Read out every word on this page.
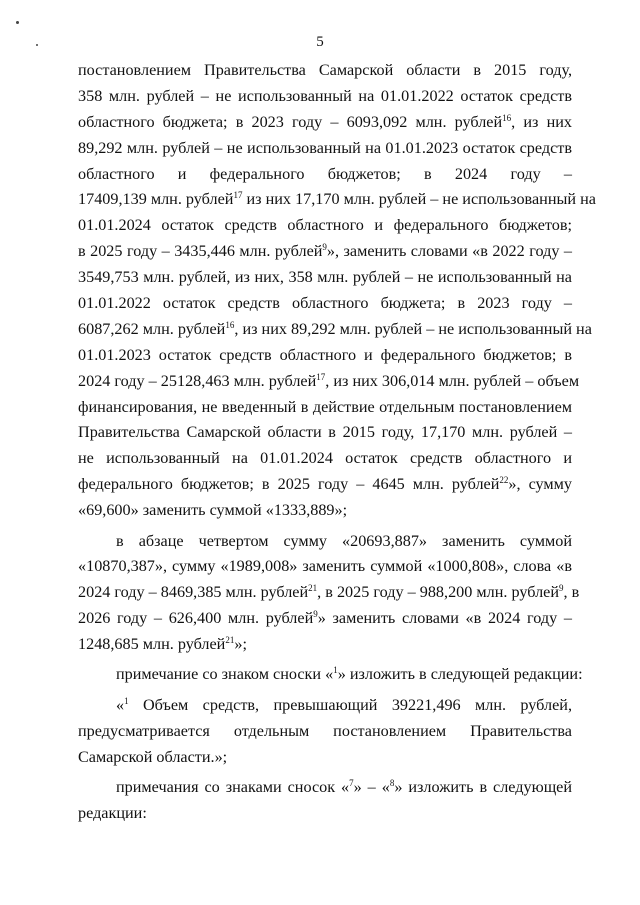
5
постановлением Правительства Самарской области в 2015 году,
358 млн. рублей – не использованный на 01.01.2022 остаток средств
областного бюджета; в 2023 году – 6093,092 млн. рублей$^{16}$, из них
89,292 млн. рублей – не использованный на 01.01.2023 остаток средств
областного и федерального бюджетов; в 2024 году –
17409,139 млн. рублей$^{17}$ из них 17,170 млн. рублей – не использованный на
01.01.2024 остаток средств областного и федерального бюджетов;
в 2025 году – 3435,446 млн. рублей$^9$», заменить словами «в 2022 году –
3549,753 млн. рублей, из них, 358 млн. рублей – не использованный на
01.01.2022 остаток средств областного бюджета; в 2023 году –
6087,262 млн. рублей$^{16}$, из них 89,292 млн. рублей – не использованный на
01.01.2023 остаток средств областного и федерального бюджетов; в
2024 году – 25128,463 млн. рублей$^{17}$, из них 306,014 млн. рублей – объем
финансирования, не введенный в действие отдельным постановлением
Правительства Самарской области в 2015 году, 17,170 млн. рублей –
не использованный на 01.01.2024 остаток средств областного и
федерального бюджетов; в 2025 году – 4645 млн. рублей$^{22}$», сумму
«69,600» заменить суммой «1333,889»;
в абзаце четвертом сумму «20693,887» заменить суммой
«10870,387», сумму «1989,008» заменить суммой «1000,808», слова «в
2024 году – 8469,385 млн. рублей$^{21}$, в 2025 году – 988,200 млн. рублей$^9$, в
2026 году – 626,400 млн. рублей$^9$» заменить словами «в 2024 году –
1248,685 млн. рублей$^{21}$»;
примечание со знаком сноски «$^1$» изложить в следующей редакции:
«$^1$ Объем средств, превышающий 39221,496 млн. рублей,
предусматривается отдельным постановлением Правительства
Самарской области.»;
примечания со знаками сносок «$^7$» – «$^8$» изложить в следующей
редакции:
